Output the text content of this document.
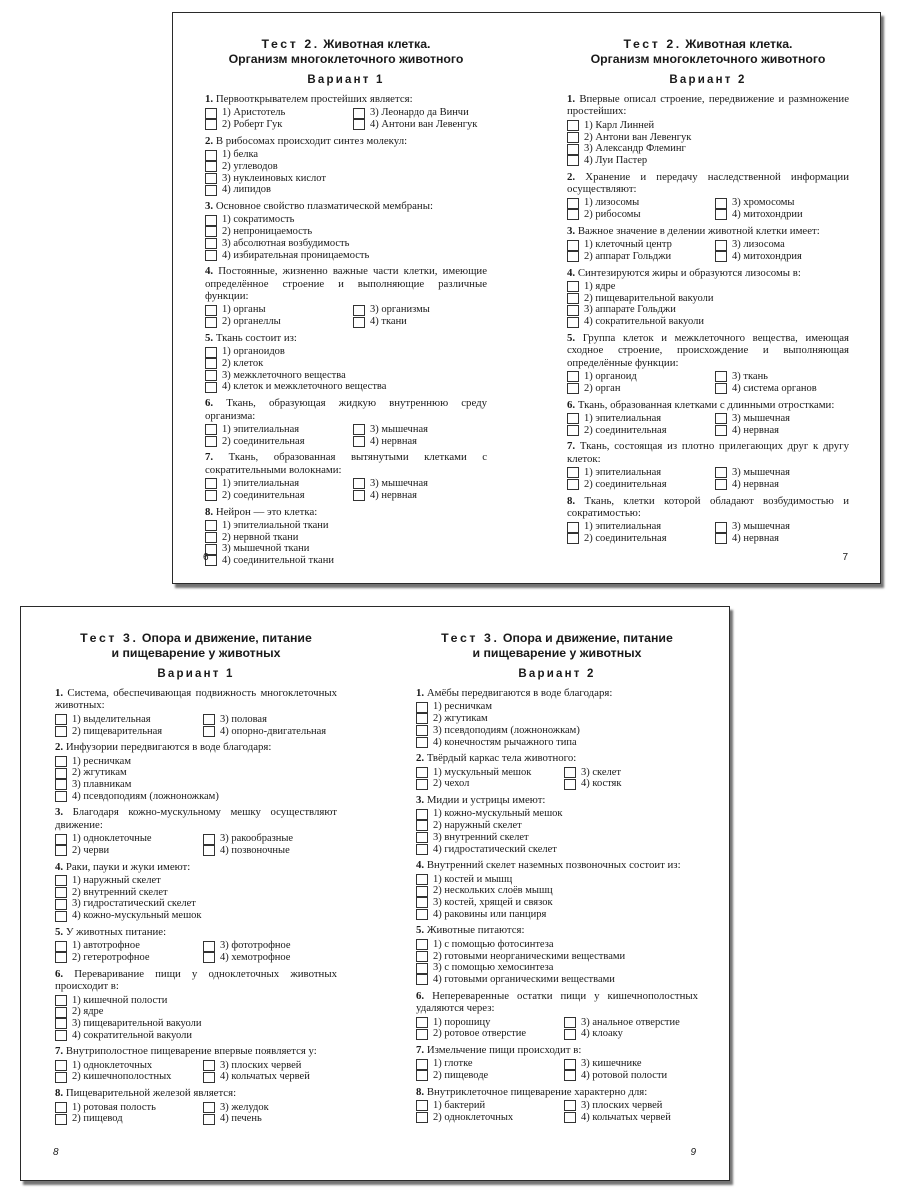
Тест 2. Животная клетка.
Организм многоклеточного животного
Вариант 1
1. Первооткрывателем простейших является:
1) Аристотель
2) Роберт Гук
3) Леонардо да Винчи
4) Антони ван Левенгук
2. В рибосомах происходит синтез молекул:
1) белка
2) углеводов
3) нуклеиновых кислот
4) липидов
3. Основное свойство плазматической мембраны:
1) сократимость
2) непроницаемость
3) абсолютная возбудимость
4) избирательная проницаемость
4. Постоянные, жизненно важные части клетки, имеющие определённое строение и выполняющие различные функции:
1) органы
2) органеллы
3) организмы
4) ткани
5. Ткань состоит из:
1) органоидов
2) клеток
3) межклеточного вещества
4) клеток и межклеточного вещества
6. Ткань, образующая жидкую внутреннюю среду организма:
1) эпителиальная
2) соединительная
3) мышечная
4) нервная
7. Ткань, образованная вытянутыми клетками с сократительными волокнами:
1) эпителиальная
2) соединительная
3) мышечная
4) нервная
8. Нейрон — это клетка:
1) эпителиальной ткани
2) нервной ткани
3) мышечной ткани
4) соединительной ткани
Тест 2. Животная клетка.
Организм многоклеточного животного
Вариант 2
1. Впервые описал строение, передвижение и размножение простейших:
1) Карл Линней
2) Антони ван Левенгук
3) Александр Флеминг
4) Луи Пастер
2. Хранение и передачу наследственной информации осуществляют:
1) лизосомы
2) рибосомы
3) хромосомы
4) митохондрии
3. Важное значение в делении животной клетки имеет:
1) клеточный центр
2) аппарат Гольджи
3) лизосома
4) митохондрия
4. Синтезируются жиры и образуются лизосомы в:
1) ядре
2) пищеварительной вакуоли
3) аппарате Гольджи
4) сократительной вакуоли
5. Группа клеток и межклеточного вещества, имеющая сходное строение, происхождение и выполняющая определённые функции:
1) органоид
2) орган
3) ткань
4) система органов
6. Ткань, образованная клетками с длинными отростками:
1) эпителиальная
2) соединительная
3) мышечная
4) нервная
7. Ткань, состоящая из плотно прилегающих друг к другу клеток:
1) эпителиальная
2) соединительная
3) мышечная
4) нервная
8. Ткань, клетки которой обладают возбудимостью и сократимостью:
1) эпителиальная
2) соединительная
3) мышечная
4) нервная
6	7
Тест 3. Опора и движение, питание
и пищеварение у животных
Вариант 1
1. Система, обеспечивающая подвижность многоклеточных животных:
1) выделительная
2) пищеварительная
3) половая
4) опорно-двигательная
2. Инфузории передвигаются в воде благодаря:
1) ресничкам
2) жгутикам
3) плавникам
4) псевдоподиям (ложноножкам)
3. Благодаря кожно-мускульному мешку осуществляют движение:
1) одноклеточные
2) черви
3) ракообразные
4) позвоночные
4. Раки, пауки и жуки имеют:
1) наружный скелет
2) внутренний скелет
3) гидростатический скелет
4) кожно-мускульный мешок
5. У животных питание:
1) автотрофное
2) гетеротрофное
3) фототрофное
4) хемотрофное
6. Переваривание пищи у одноклеточных животных происходит в:
1) кишечной полости
2) ядре
3) пищеварительной вакуоли
4) сократительной вакуоли
7. Внутриполостное пищеварение впервые появляется у:
1) одноклеточных
2) кишечнополостных
3) плоских червей
4) кольчатых червей
8. Пищеварительной железой является:
1) ротовая полость
2) пищевод
3) желудок
4) печень
Тест 3. Опора и движение, питание
и пищеварение у животных
Вариант 2
1. Амёбы передвигаются в воде благодаря:
1) ресничкам
2) жгутикам
3) псевдоподиям (ложноножкам)
4) конечностям рычажного типа
2. Твёрдый каркас тела животного:
1) мускульный мешок
2) чехол
3) скелет
4) костяк
3. Мидии и устрицы имеют:
1) кожно-мускульный мешок
2) наружный скелет
3) внутренний скелет
4) гидростатический скелет
4. Внутренний скелет наземных позвоночных состоит из:
1) костей и мышц
2) нескольких слоёв мышц
3) костей, хрящей и связок
4) раковины или панциря
5. Животные питаются:
1) с помощью фотосинтеза
2) готовыми неорганическими веществами
3) с помощью хемосинтеза
4) готовыми органическими веществами
6. Непереваренные остатки пищи у кишечнополостных удаляются через:
1) порошицу
2) ротовое отверстие
3) анальное отверстие
4) клоаку
7. Измельчение пищи происходит в:
1) глотке
2) пищеводе
3) кишечнике
4) ротовой полости
8. Внутриклеточное пищеварение характерно для:
1) бактерий
2) одноклеточных
3) плоских червей
4) кольчатых червей
8	9
